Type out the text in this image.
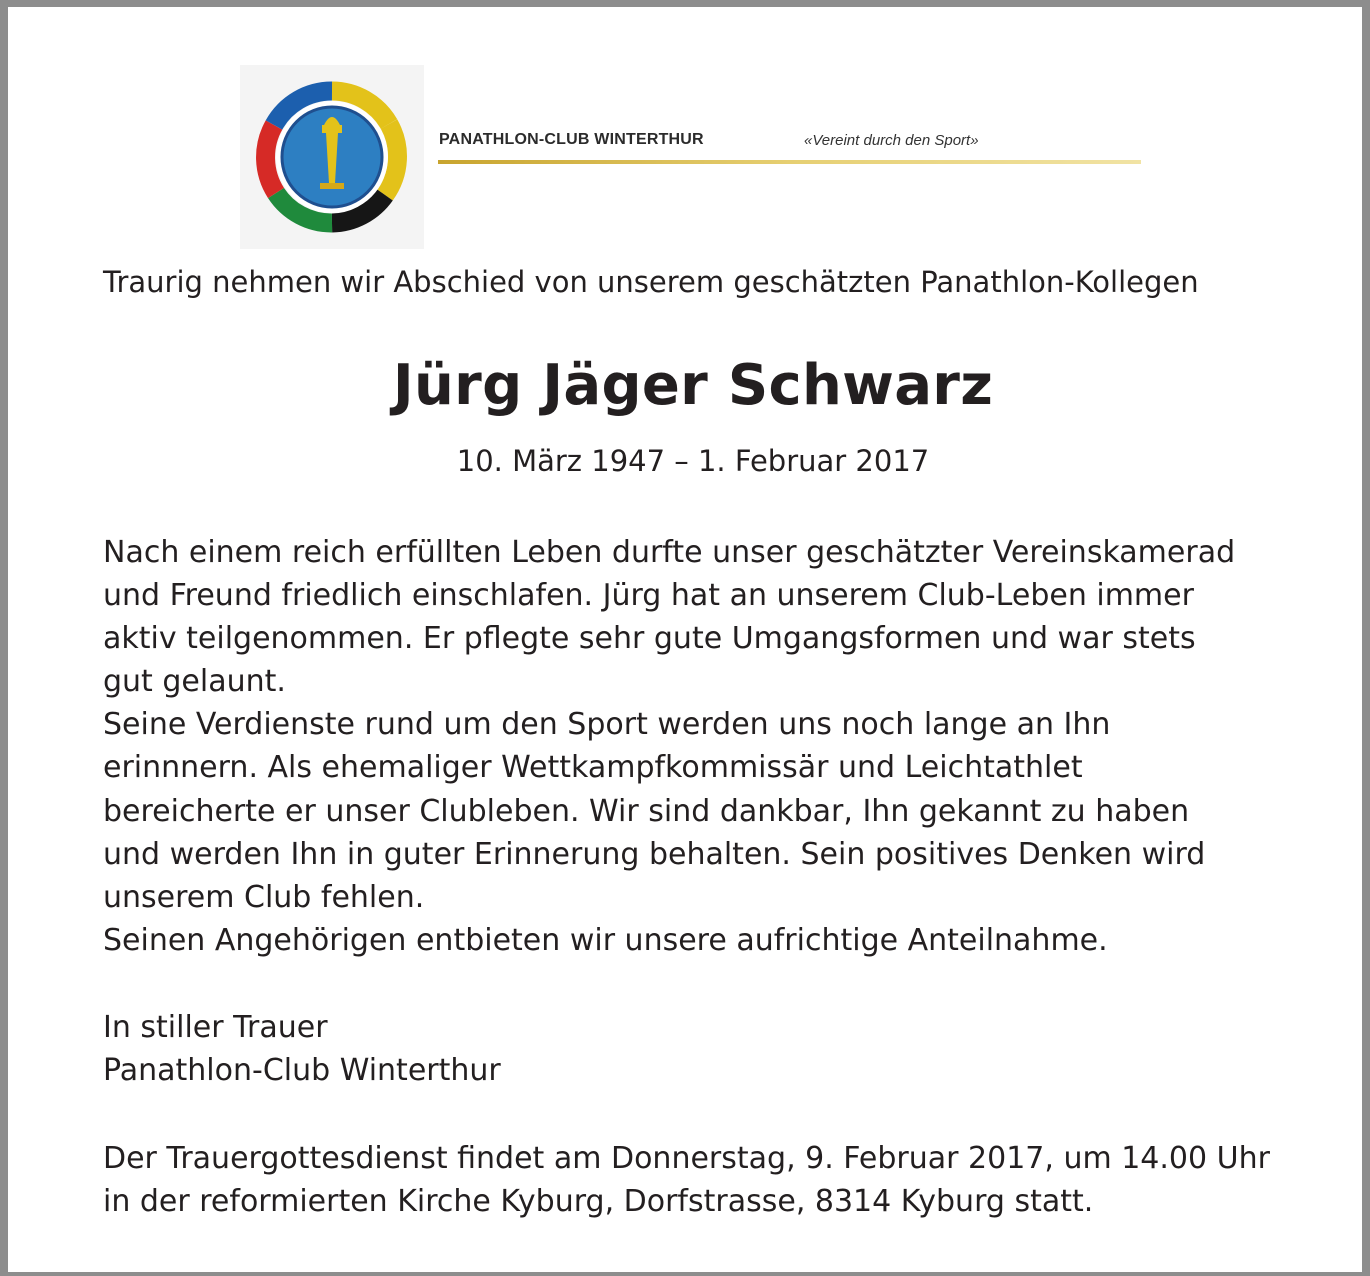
PANATHLON-CLUB WINTERTHUR	«Vereint durch den Sport»
Traurig nehmen wir Abschied von unserem geschätzten Panathlon-Kollegen
Jürg Jäger Schwarz
10. März 1947 – 1. Februar 2017
Nach einem reich erfüllten Leben durfte unser geschätzter Vereinskamerad
und Freund friedlich einschlafen. Jürg hat an unserem Club-Leben immer
aktiv teilgenommen. Er pflegte sehr gute Umgangsformen und war stets
gut gelaunt.
Seine Verdienste rund um den Sport werden uns noch lange an Ihn
erinnnern. Als ehemaliger Wettkampfkommissär und Leichtathlet
bereicherte er unser Clubleben. Wir sind dankbar, Ihn gekannt zu haben
und werden Ihn in guter Erinnerung behalten. Sein positives Denken wird
unserem Club fehlen.
Seinen Angehörigen entbieten wir unsere aufrichtige Anteilnahme.
In stiller Trauer
Panathlon-Club Winterthur
Der Trauergottesdienst findet am Donnerstag, 9. Februar 2017, um 14.00 Uhr
in der reformierten Kirche Kyburg, Dorfstrasse, 8314 Kyburg statt.
